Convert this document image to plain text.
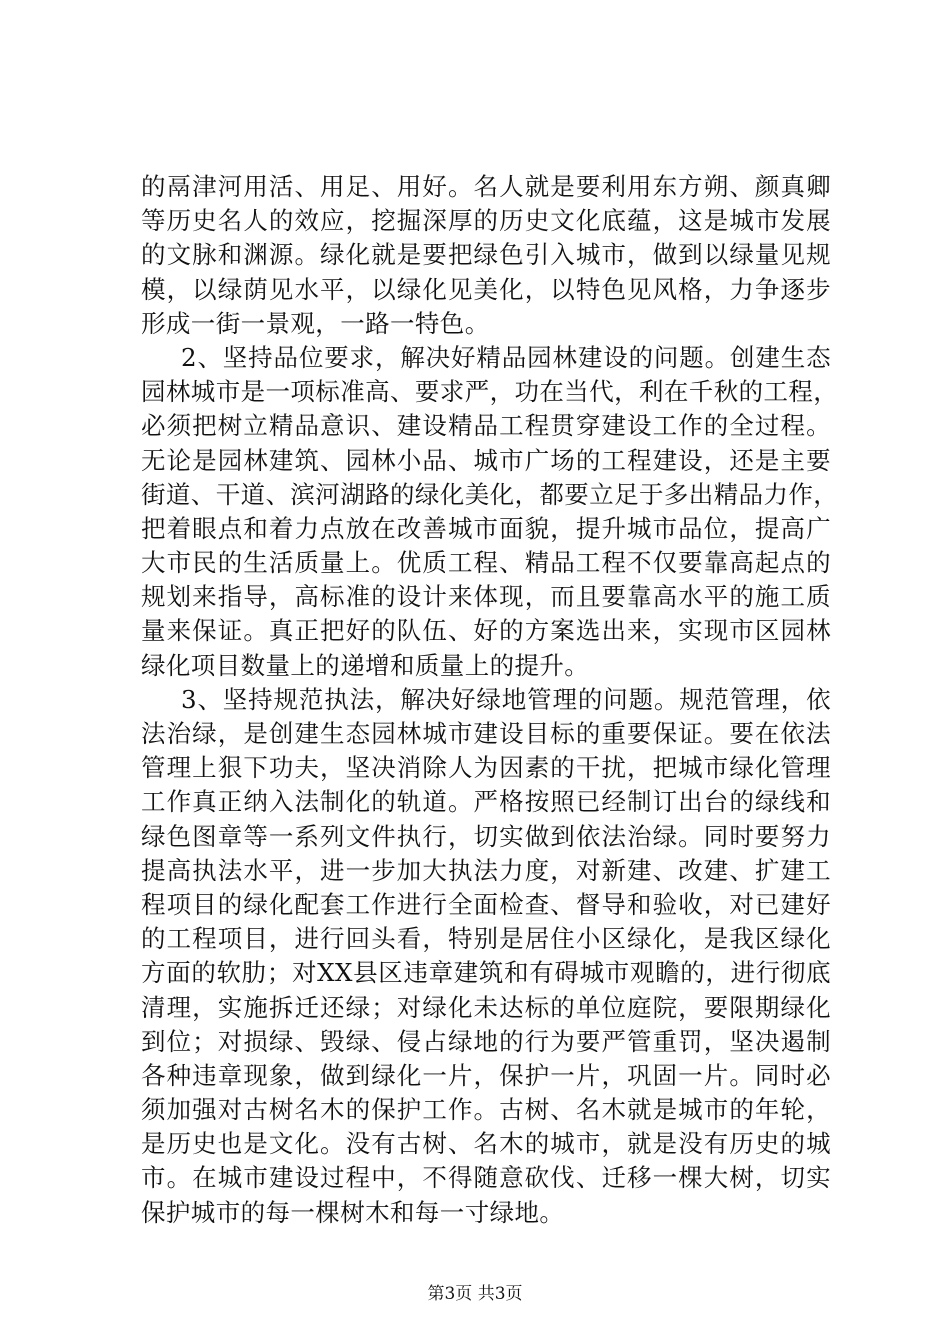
的鬲津河用活、用足、用好。名人就是要利用东方朔、颜真卿
等历史名人的效应，挖掘深厚的历史文化底蕴，这是城市发展
的文脉和渊源。绿化就是要把绿色引入城市，做到以绿量见规
模，以绿荫见水平，以绿化见美化，以特色见风格，力争逐步
形成一街一景观，一路一特色。
2、坚持品位要求，解决好精品园林建设的问题。创建生态
园林城市是一项标准高、要求严，功在当代，利在千秋的工程，
必须把树立精品意识、建设精品工程贯穿建设工作的全过程。
无论是园林建筑、园林小品、城市广场的工程建设，还是主要
街道、干道、滨河湖路的绿化美化，都要立足于多出精品力作，
把着眼点和着力点放在改善城市面貌，提升城市品位，提高广
大市民的生活质量上。优质工程、精品工程不仅要靠高起点的
规划来指导，高标准的设计来体现，而且要靠高水平的施工质
量来保证。真正把好的队伍、好的方案选出来，实现市区园林
绿化项目数量上的递增和质量上的提升。
3、坚持规范执法，解决好绿地管理的问题。规范管理，依
法治绿，是创建生态园林城市建设目标的重要保证。要在依法
管理上狠下功夫，坚决消除人为因素的干扰，把城市绿化管理
工作真正纳入法制化的轨道。严格按照已经制订出台的绿线和
绿色图章等一系列文件执行，切实做到依法治绿。同时要努力
提高执法水平，进一步加大执法力度，对新建、改建、扩建工
程项目的绿化配套工作进行全面检查、督导和验收，对已建好
的工程项目，进行回头看，特别是居住小区绿化，是我区绿化
方面的软肋；对XX县区违章建筑和有碍城市观瞻的，进行彻底
清理，实施拆迁还绿；对绿化未达标的单位庭院，要限期绿化
到位；对损绿、毁绿、侵占绿地的行为要严管重罚，坚决遏制
各种违章现象，做到绿化一片，保护一片，巩固一片。同时必
须加强对古树名木的保护工作。古树、名木就是城市的年轮，
是历史也是文化。没有古树、名木的城市，就是没有历史的城
市。在城市建设过程中，不得随意砍伐、迁移一棵大树，切实
保护城市的每一棵树木和每一寸绿地。
第3页 共3页
